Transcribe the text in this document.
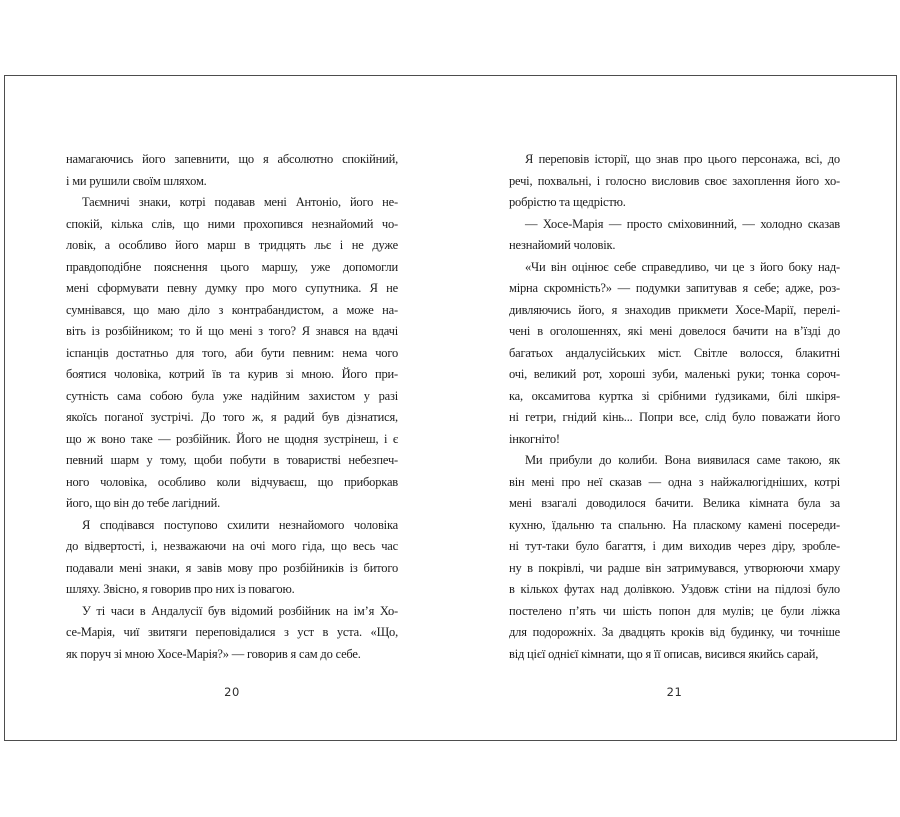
намагаючись його запевнити, що я абсолютно спокійний,
і ми рушили своїм шляхом.
Таємничі знаки, котрі подавав мені Антоніо, його не-
спокій, кілька слів, що ними прохопився незнайомий чо-
ловік, а особливо його марш в тридцять льє і не дуже
правдоподібне пояснення цього маршу, уже допомогли
мені сформувати певну думку про мого супутника. Я не
сумнівався, що маю діло з контрабандистом, а може на-
віть із розбійником; то й що мені з того? Я знався на вдачі
іспанців достатньо для того, аби бути певним: нема чого
боятися чоловіка, котрий їв та курив зі мною. Його при-
сутність сама собою була уже надійним захистом у разі
якоїсь поганої зустрічі. До того ж, я радий був дізнатися,
що ж воно таке — розбійник. Його не щодня зустрінеш, і є
певний шарм у тому, щоби побути в товаристві небезпеч-
ного чоловіка, особливо коли відчуваєш, що приборкав
його, що він до тебе лагідний.
Я сподівався поступово схилити незнайомого чоловіка
до відвертості, і, незважаючи на очі мого гіда, що весь час
подавали мені знаки, я завів мову про розбійників із битого
шляху. Звісно, я говорив про них із повагою.
У ті часи в Андалусії був відомий розбійник на ім’я Хо-
се-Марія, чиї звитяги переповідалися з уст в уста. «Що,
як поруч зі мною Хосе-Марія?» — говорив я сам до себе.
20
Я переповів історії, що знав про цього персонажа, всі, до
речі, похвальні, і голосно висловив своє захоплення його хо-
робрістю та щедрістю.
— Хосе-Марія — просто сміховинний, — холодно сказав
незнайомий чоловік.
«Чи він оцінює себе справедливо, чи це з його боку над-
мірна скромність?» — подумки запитував я себе; адже, роз-
дивляючись його, я знаходив прикмети Хосе-Марії, перелі-
чені в оголошеннях, які мені довелося бачити на в’їзді до
багатьох андалусійських міст. Світле волосся, блакитні
очі, великий рот, хороші зуби, маленькі руки; тонка сороч-
ка, оксамитова куртка зі срібними ґудзиками, білі шкіря-
ні гетри, гнідий кінь... Попри все, слід було поважати його
інкогніто!
Ми прибули до колиби. Вона виявилася саме такою, як
він мені про неї сказав — одна з найжалюгідніших, котрі
мені взагалі доводилося бачити. Велика кімната була за
кухню, їдальню та спальню. На пласкому камені посереди-
ні тут-таки було багаття, і дим виходив через діру, зробле-
ну в покрівлі, чи радше він затримувався, утворюючи хмару
в кількох футах над долівкою. Уздовж стіни на підлозі було
постелено п’ять чи шість попон для мулів; це були ліжка
для подорожніх. За двадцять кроків від будинку, чи точніше
від цієї однієї кімнати, що я її описав, висився якийсь сарай,
21
